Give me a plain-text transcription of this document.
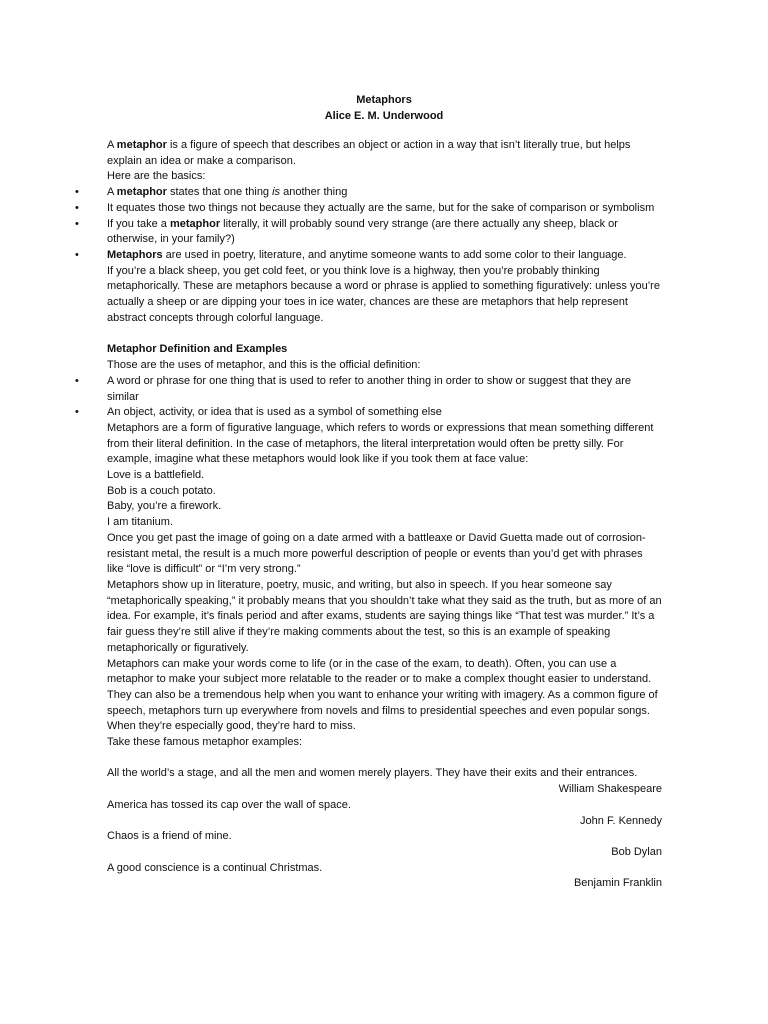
Metaphors
Alice E. M. Underwood

A metaphor is a figure of speech that describes an object or action in a way that isn’t literally true, but helps explain an idea or make a comparison.

Here are the basics:

• A metaphor states that one thing is another thing
• It equates those two things not because they actually are the same, but for the sake of comparison or symbolism
• If you take a metaphor literally, it will probably sound very strange (are there actually any sheep, black or otherwise, in your family?)
• Metaphors are used in poetry, literature, and anytime someone wants to add some color to their language.

If you’re a black sheep, you get cold feet, or you think love is a highway, then you’re probably thinking metaphorically. These are metaphors because a word or phrase is applied to something figuratively: unless you’re actually a sheep or are dipping your toes in ice water, chances are these are metaphors that help represent abstract concepts through colorful language.

Metaphor Definition and Examples

Those are the uses of metaphor, and this is the official definition:

• A word or phrase for one thing that is used to refer to another thing in order to show or suggest that they are similar
• An object, activity, or idea that is used as a symbol of something else

Metaphors are a form of figurative language, which refers to words or expressions that mean something different from their literal definition. In the case of metaphors, the literal interpretation would often be pretty silly. For example, imagine what these metaphors would look like if you took them at face value:

Love is a battlefield.

Bob is a couch potato.

Baby, you’re a firework.

I am titanium.

Once you get past the image of going on a date armed with a battleaxe or David Guetta made out of corrosion-resistant metal, the result is a much more powerful description of people or events than you’d get with phrases like “love is difficult” or “I’m very strong.”

Metaphors show up in literature, poetry, music, and writing, but also in speech. If you hear someone say “metaphorically speaking,” it probably means that you shouldn’t take what they said as the truth, but as more of an idea. For example, it’s finals period and after exams, students are saying things like “That test was murder.” It’s a fair guess they’re still alive if they’re making comments about the test, so this is an example of speaking metaphorically or figuratively.

Metaphors can make your words come to life (or in the case of the exam, to death). Often, you can use a metaphor to make your subject more relatable to the reader or to make a complex thought easier to understand. They can also be a tremendous help when you want to enhance your writing with imagery. As a common figure of speech, metaphors turn up everywhere from novels and films to presidential speeches and even popular songs. When they’re especially good, they’re hard to miss.

Take these famous metaphor examples:

All the world’s a stage, and all the men and women merely players. They have their exits and their entrances.

William Shakespeare

America has tossed its cap over the wall of space.

John F. Kennedy

Chaos is a friend of mine.

Bob Dylan

A good conscience is a continual Christmas.

Benjamin Franklin
